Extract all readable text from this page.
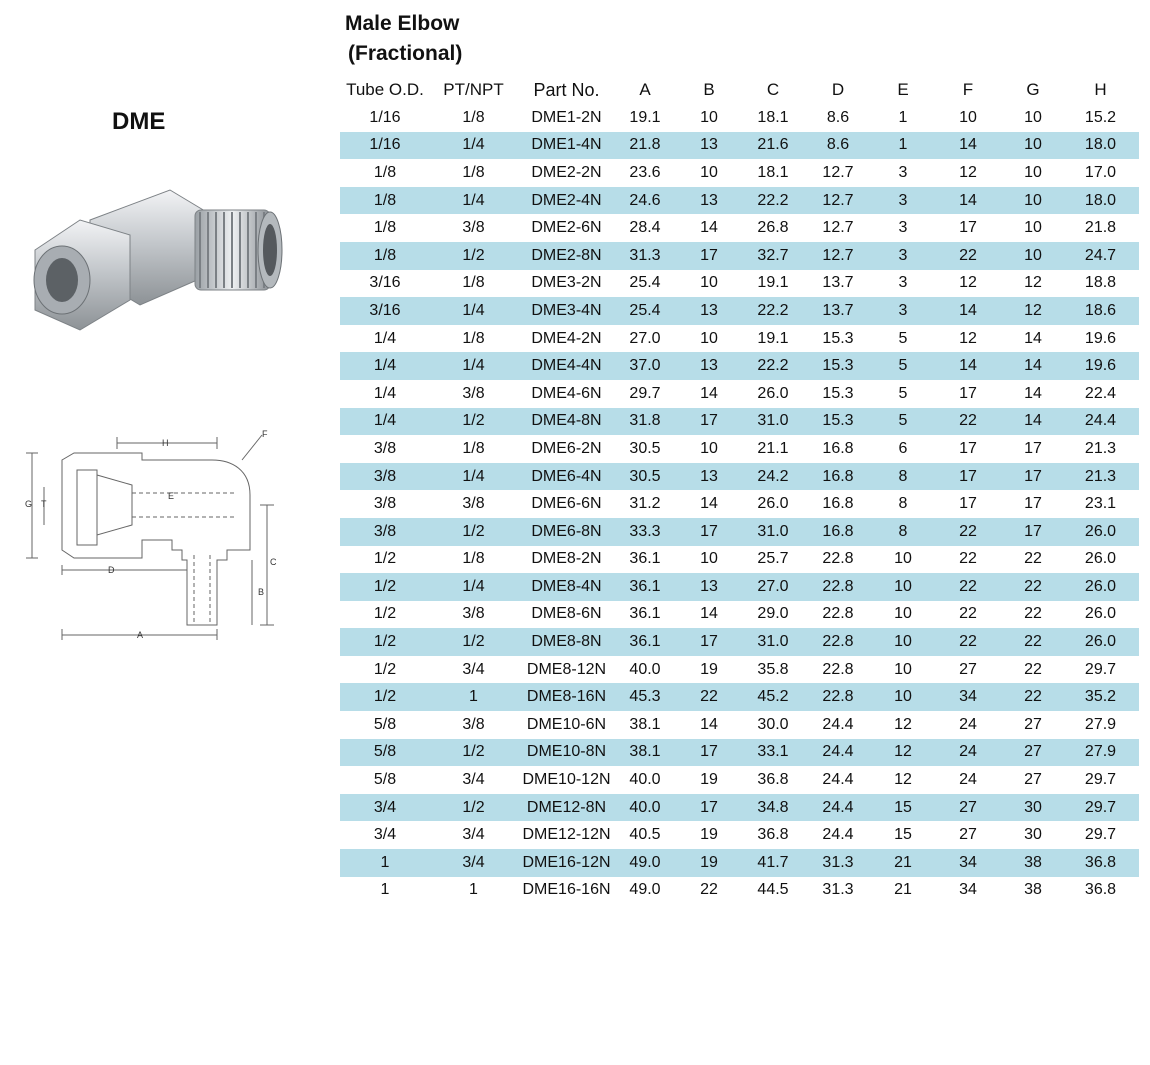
DME
H
F
G T
E
D
A
B
C
Male Elbow
(Fractional)
Tube O.D.	PT/NPT	Part No.	A	B	C	D	E	F	G	H
1/16	1/8	DME1-2N	19.1	10	18.1	8.6	1	10	10	15.2
1/16	1/4	DME1-4N	21.8	13	21.6	8.6	1	14	10	18.0
1/8	1/8	DME2-2N	23.6	10	18.1	12.7	3	12	10	17.0
1/8	1/4	DME2-4N	24.6	13	22.2	12.7	3	14	10	18.0
1/8	3/8	DME2-6N	28.4	14	26.8	12.7	3	17	10	21.8
1/8	1/2	DME2-8N	31.3	17	32.7	12.7	3	22	10	24.7
3/16	1/8	DME3-2N	25.4	10	19.1	13.7	3	12	12	18.8
3/16	1/4	DME3-4N	25.4	13	22.2	13.7	3	14	12	18.6
1/4	1/8	DME4-2N	27.0	10	19.1	15.3	5	12	14	19.6
1/4	1/4	DME4-4N	37.0	13	22.2	15.3	5	14	14	19.6
1/4	3/8	DME4-6N	29.7	14	26.0	15.3	5	17	14	22.4
1/4	1/2	DME4-8N	31.8	17	31.0	15.3	5	22	14	24.4
3/8	1/8	DME6-2N	30.5	10	21.1	16.8	6	17	17	21.3
3/8	1/4	DME6-4N	30.5	13	24.2	16.8	8	17	17	21.3
3/8	3/8	DME6-6N	31.2	14	26.0	16.8	8	17	17	23.1
3/8	1/2	DME6-8N	33.3	17	31.0	16.8	8	22	17	26.0
1/2	1/8	DME8-2N	36.1	10	25.7	22.8	10	22	22	26.0
1/2	1/4	DME8-4N	36.1	13	27.0	22.8	10	22	22	26.0
1/2	3/8	DME8-6N	36.1	14	29.0	22.8	10	22	22	26.0
1/2	1/2	DME8-8N	36.1	17	31.0	22.8	10	22	22	26.0
1/2	3/4	DME8-12N	40.0	19	35.8	22.8	10	27	22	29.7
1/2	1	DME8-16N	45.3	22	45.2	22.8	10	34	22	35.2
5/8	3/8	DME10-6N	38.1	14	30.0	24.4	12	24	27	27.9
5/8	1/2	DME10-8N	38.1	17	33.1	24.4	12	24	27	27.9
5/8	3/4	DME10-12N	40.0	19	36.8	24.4	12	24	27	29.7
3/4	1/2	DME12-8N	40.0	17	34.8	24.4	15	27	30	29.7
3/4	3/4	DME12-12N	40.5	19	36.8	24.4	15	27	30	29.7
1	3/4	DME16-12N	49.0	19	41.7	31.3	21	34	38	36.8
1	1	DME16-16N	49.0	22	44.5	31.3	21	34	38	36.8
